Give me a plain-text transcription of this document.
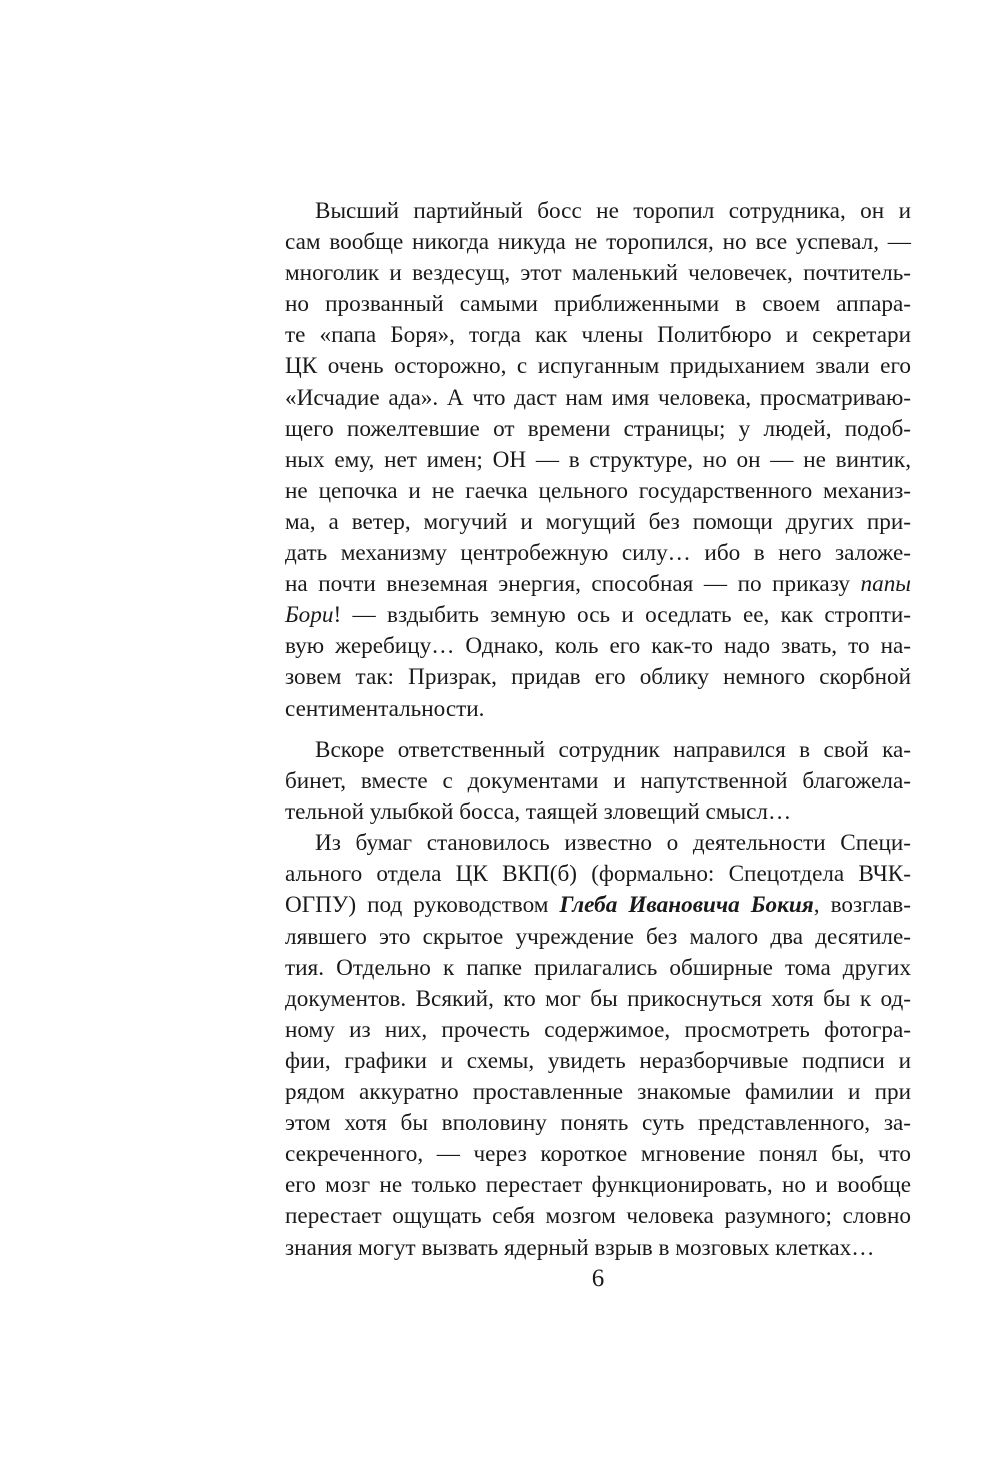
Высший партийный босс не торопил сотрудника, он и
сам вообще никогда никуда не торопился, но все успевал, —
многолик и вездесущ, этот маленький человечек, почтитель-
но прозванный самыми приближенными в своем аппара-
те «папа Боря», тогда как члены Политбюро и секретари
ЦК очень осторожно, с испуганным придыханием звали его
«Исчадие ада». А что даст нам имя человека, просматриваю-
щего пожелтевшие от времени страницы; у людей, подоб-
ных ему, нет имен; ОН — в структуре, но он — не винтик,
не цепочка и не гаечка цельного государственного механиз-
ма, а ветер, могучий и могущий без помощи других при-
дать механизму центробежную силу… ибо в него заложе-
на почти внеземная энергия, способная — по приказу папы
Бори! — вздыбить земную ось и оседлать ее, как стропти-
вую жеребицу… Однако, коль его как-то надо звать, то на-
зовем так: Призрак, придав его облику немного скорбной
сентиментальности.
Вскоре ответственный сотрудник направился в свой ка-
бинет, вместе с документами и напутственной благожела-
тельной улыбкой босса, таящей зловещий смысл…
Из бумаг становилось известно о деятельности Специ-
ального отдела ЦК ВКП(б) (формально: Спецотдела ВЧК-
ОГПУ) под руководством Глеба Ивановича Бокия, возглав-
лявшего это скрытое учреждение без малого два десятиле-
тия. Отдельно к папке прилагались обширные тома других
документов. Всякий, кто мог бы прикоснуться хотя бы к од-
ному из них, прочесть содержимое, просмотреть фотогра-
фии, графики и схемы, увидеть неразборчивые подписи и
рядом аккуратно проставленные знакомые фамилии и при
этом хотя бы вполовину понять суть представленного, за-
секреченного, — через короткое мгновение понял бы, что
его мозг не только перестает функционировать, но и вообще
перестает ощущать себя мозгом человека разумного; словно
знания могут вызвать ядерный взрыв в мозговых клетках…
6
